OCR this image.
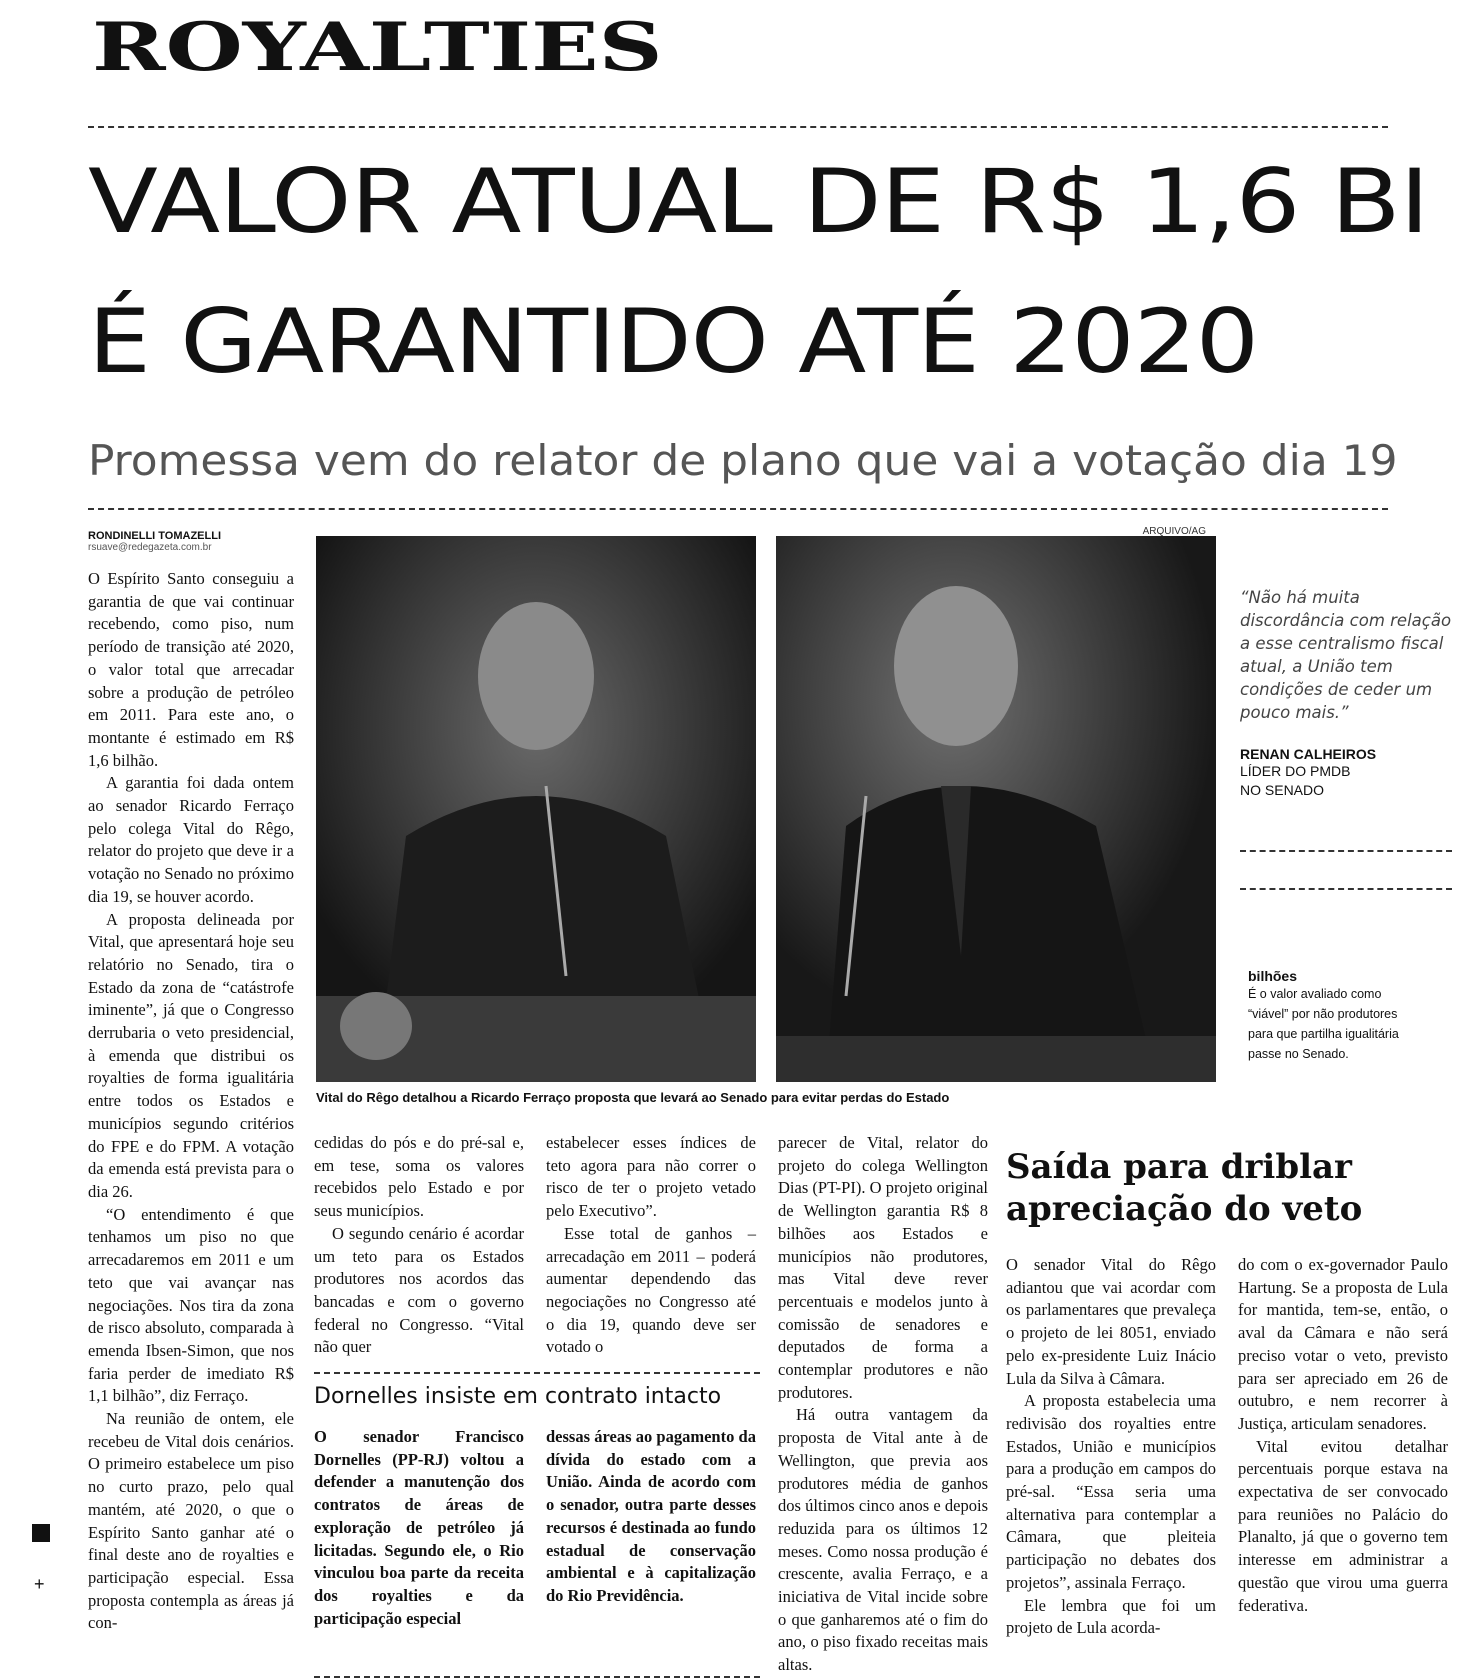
ROYALTIES
VALOR ATUAL DE R$ 1,6 BI
É GARANTIDO ATÉ 2020
Promessa vem do relator de plano que vai a votação dia 19
RONDINELLI TOMAZELLI
rsuave@redegazeta.com.br

O Espírito Santo conseguiu a garantia de que vai continuar recebendo, como piso, num período de transição até 2020, o valor total que arrecadar sobre a produção de petróleo em 2011. Para este ano, o montante é estimado em R$ 1,6 bilhão.

A garantia foi dada ontem ao senador Ricardo Ferraço pelo colega Vital do Rêgo, relator do projeto que deve ir a votação no Senado no próximo dia 19, se houver acordo.

A proposta delineada por Vital, que apresentará hoje seu relatório no Senado, tira o Estado da zona de “catástrofe iminente”, já que o Congresso derrubaria o veto presidencial, à emenda que distribui os royalties de forma igualitária entre todos os Estados e municípios segundo critérios do FPE e do FPM. A votação da emenda está prevista para o dia 26.

“O entendimento é que tenhamos um piso no que arrecadaremos em 2011 e um teto que vai avançar nas negociações. Nos tira da zona de risco absoluto, comparada à emenda Ibsen-Simon, que nos faria perder de imediato R$ 1,1 bilhão”, diz Ferraço.

Na reunião de ontem, ele recebeu de Vital dois cenários. O primeiro estabelece um piso no curto prazo, pelo qual mantém, até 2020, o que o Espírito Santo ganhar até o final deste ano de royalties e participação especial. Essa proposta contempla as áreas já con-

ARQUIVO/AG
Vital do Rêgo detalhou a Ricardo Ferraço proposta que levará ao Senado para evitar perdas do Estado
“Não há muita discordância com relação a esse centralismo fiscal atual, a União tem condições de ceder um pouco mais.”
RENAN CALHEIROS
LÍDER DO PMDB
NO SENADO
bilhões
É o valor avaliado como “viável” por não produtores para que partilha igualitária passe no Senado.

cedidas do pós e do pré-sal e, em tese, soma os valores recebidos pelo Estado e por seus municípios.

O segundo cenário é acordar um teto para os Estados produtores nos acordos das bancadas e com o governo federal no Congresso. “Vital não quer

estabelecer esses índices de teto agora para não correr o risco de ter o projeto vetado pelo Executivo”.

Esse total de ganhos – arrecadação em 2011 – poderá aumentar dependendo das negociações no Congresso até o dia 19, quando deve ser votado o

Dornelles insiste em contrato intacto

O senador Francisco Dornelles (PP-RJ) voltou a defender a manutenção dos contratos de áreas de exploração de petróleo já licitadas. Segundo ele, o Rio vinculou boa parte da receita dos royalties e da participação especial

dessas áreas ao pagamento da dívida do estado com a União. Ainda de acordo com o senador, outra parte desses recursos é destinada ao fundo estadual de conservação ambiental e à capitalização do Rio Previdência.

parecer de Vital, relator do projeto do colega Wellington Dias (PT-PI). O projeto original de Wellington garantia R$ 8 bilhões aos Estados e municípios não produtores, mas Vital deve rever percentuais e modelos junto à comissão de senadores e deputados de forma a contemplar produtores e não produtores.

Há outra vantagem da proposta de Vital ante à de Wellington, que previa aos produtores média de ganhos dos últimos cinco anos e depois reduzida para os últimos 12 meses. Como nossa produção é crescente, avalia Ferraço, e a iniciativa de Vital incide sobre o que ganharemos até o fim do ano, o piso fixado receitas mais altas.

Saída para driblar
apreciação do veto

O senador Vital do Rêgo adiantou que vai acordar com os parlamentares que prevaleça o projeto de lei 8051, enviado pelo ex-presidente Luiz Inácio Lula da Silva à Câmara.

A proposta estabelecia uma redivisão dos royalties entre Estados, União e municípios para a produção em campos do pré-sal. “Essa seria uma alternativa para contemplar a Câmara, que pleiteia participação no debates dos projetos”, assinala Ferraço.

Ele lembra que foi um projeto de Lula acorda-

do com o ex-governador Paulo Hartung. Se a proposta de Lula for mantida, tem-se, então, o aval da Câmara e não será preciso votar o veto, previsto para ser apreciado em 26 de outubro, e nem recorrer à Justiça, articulam senadores.

Vital evitou detalhar percentuais porque estava na expectativa de ser convocado para reuniões no Palácio do Planalto, já que o governo tem interesse em administrar a questão que virou uma guerra federativa.

+
